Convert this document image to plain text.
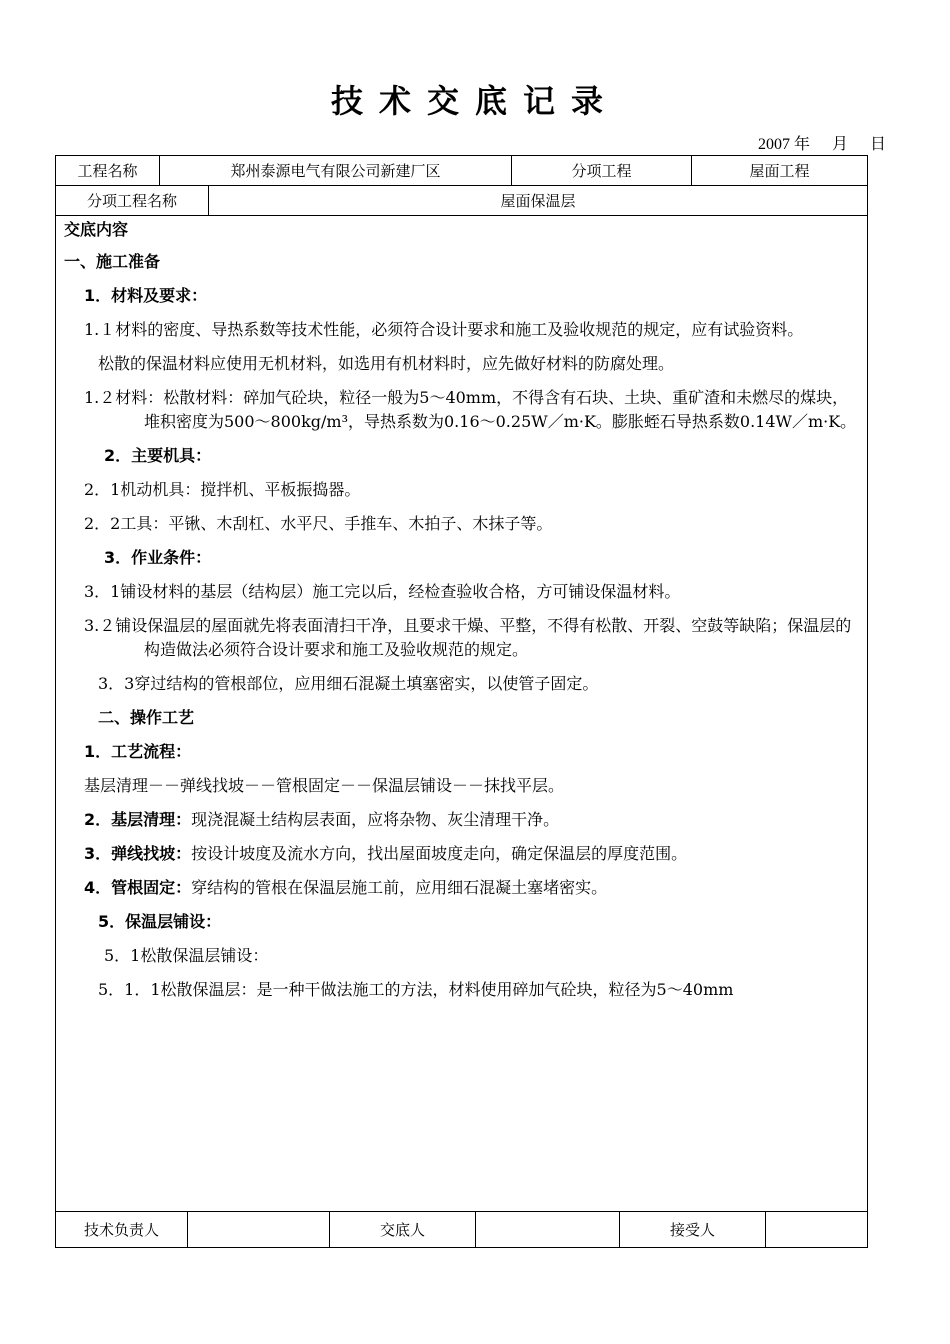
技术交底记录
2007 年 月 日
工程名称	郑州泰源电气有限公司新建厂区	分项工程	屋面工程
分项工程名称	屋面保温层

交底内容

一、施工准备

1．材料及要求：

1.１材料的密度、导热系数等技术性能，必须符合设计要求和施工及验收规范的规定，应有试验资料。

松散的保温材料应使用无机材料，如选用有机材料时，应先做好材料的防腐处理。

1.２材料：松散材料：碎加气砼块，粒径一般为5～40mm，不得含有石块、土块、重矿渣和未燃尽的煤块，堆积密度为500～800kg/m³，导热系数为0.16～0.25W／m·K。膨胀蛭石导热系数0.14W／m·K。

2．主要机具：

2．1机动机具：搅拌机、平板振捣器。

2．2工具：平锹、木刮杠、水平尺、手推车、木拍子、木抹子等。

3．作业条件：

3．1铺设材料的基层（结构层）施工完以后，经检查验收合格，方可铺设保温材料。

3.２铺设保温层的屋面就先将表面清扫干净，且要求干燥、平整，不得有松散、开裂、空鼓等缺陷；保温层的构造做法必须符合设计要求和施工及验收规范的规定。

3．3穿过结构的管根部位，应用细石混凝土填塞密实，以使管子固定。

二、操作工艺

1．工艺流程：

基层清理－－弹线找坡－－管根固定－－保温层铺设－－抹找平层。

2．基层清理：现浇混凝土结构层表面，应将杂物、灰尘清理干净。

3．弹线找坡：按设计坡度及流水方向，找出屋面坡度走向，确定保温层的厚度范围。

4．管根固定：穿结构的管根在保温层施工前，应用细石混凝土塞堵密实。

5．保温层铺设：

5．1松散保温层铺设：

5．1．1松散保温层：是一种干做法施工的方法，材料使用碎加气砼块，粒径为5～40mm

技术负责人	交底人	接受人
